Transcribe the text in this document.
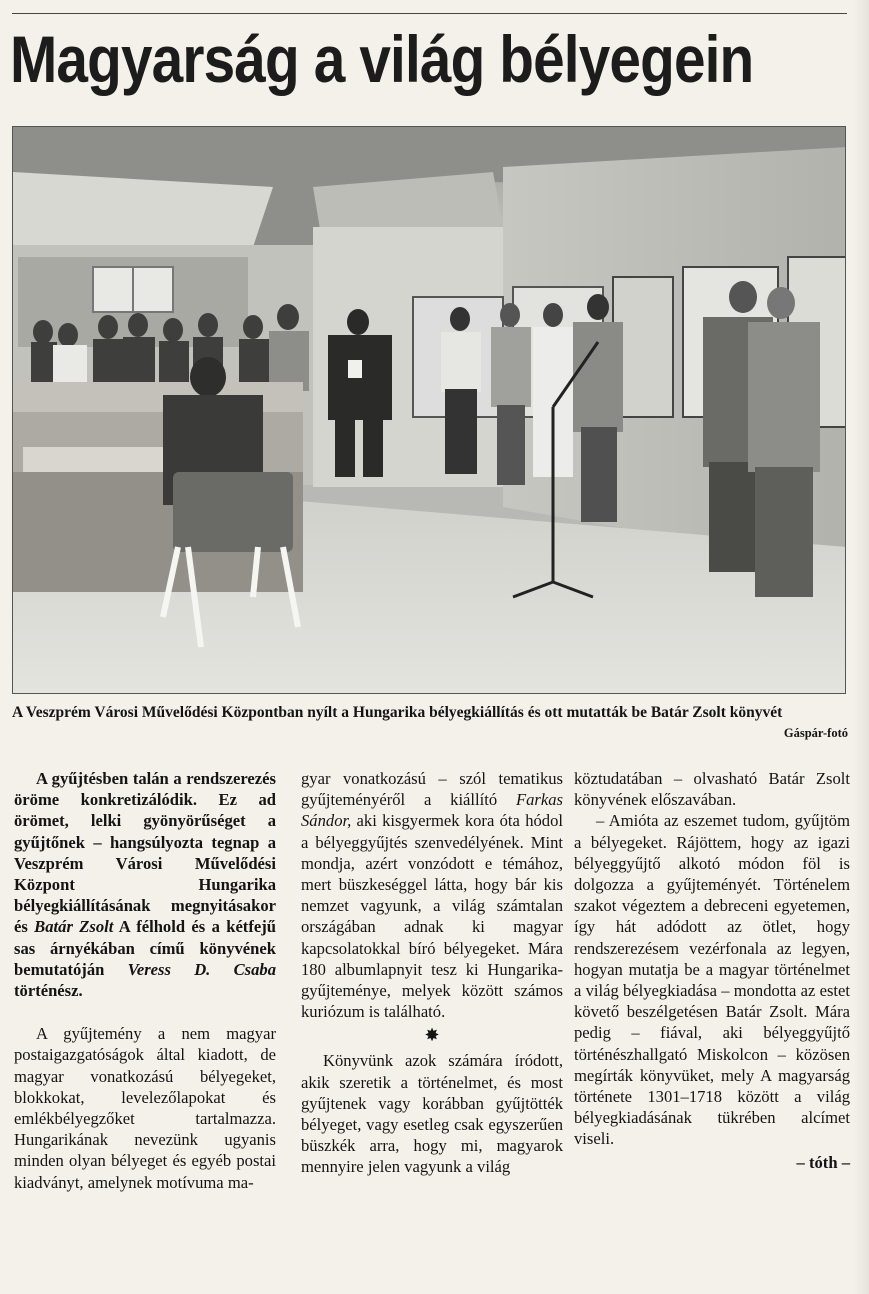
Magyarság a világ bélyegein
A Veszprém Városi Művelődési Központban nyílt a Hungarika bélyegkiállítás és ott mutatták be Batár Zsolt könyvét
Gáspár-fotó

A gyűjtésben talán a rendszerezés öröme konkretizálódik. Ez ad örömet, lelki gyönyörűséget a gyűjtőnek – hangsúlyozta tegnap a Veszprém Városi Művelődési Központ Hungarika bélyegkiállításának megnyitásakor és Batár Zsolt A félhold és a kétfejű sas árnyékában című könyvének bemutatóján Veress D. Csaba történész.

A gyűjtemény a nem magyar postaigazgatóságok által kiadott, de magyar vonatkozású bélyegeket, blokkokat, levelezőlapokat és emlékbélyegzőket tartalmazza. Hungarikának nevezünk ugyanis minden olyan bélyeget és egyéb postai kiadványt, amelynek motívuma ma-

gyar vonatkozású – szól tematikus gyűjteményéről a kiállító Farkas Sándor, aki kisgyermek kora óta hódol a bélyeggyűjtés szenvedélyének. Mint mondja, azért vonzódott e témához, mert büszkeséggel látta, hogy bár kis nemzet vagyunk, a világ számtalan országában adnak ki magyar kapcsolatokkal bíró bélyegeket. Mára 180 albumlapnyit tesz ki Hungarika-gyűjteménye, melyek között számos kuriózum is található.

✸

Könyvünk azok számára íródott, akik szeretik a történelmet, és most gyűjtenek vagy korábban gyűjtötték bélyeget, vagy esetleg csak egyszerűen büszkék arra, hogy mi, magyarok mennyire jelen vagyunk a világ

köztudatában – olvasható Batár Zsolt könyvének előszavában.

– Amióta az eszemet tudom, gyűjtöm a bélyegeket. Rájöttem, hogy az igazi bélyeggyűjtő alkotó módon föl is dolgozza a gyűjteményét. Történelem szakot végeztem a debreceni egyetemen, így hát adódott az ötlet, hogy rendszerezésem vezérfonala az legyen, hogyan mutatja be a magyar történelmet a világ bélyegkiadása – mondotta az estet követő beszélgetésen Batár Zsolt. Mára pedig – fiával, aki bélyeggyűjtő történészhallgató Miskolcon – közösen megírták könyvüket, mely A magyarság története 1301–1718 között a világ bélyegkiadásának tükrében alcímet viseli.

– tóth –
